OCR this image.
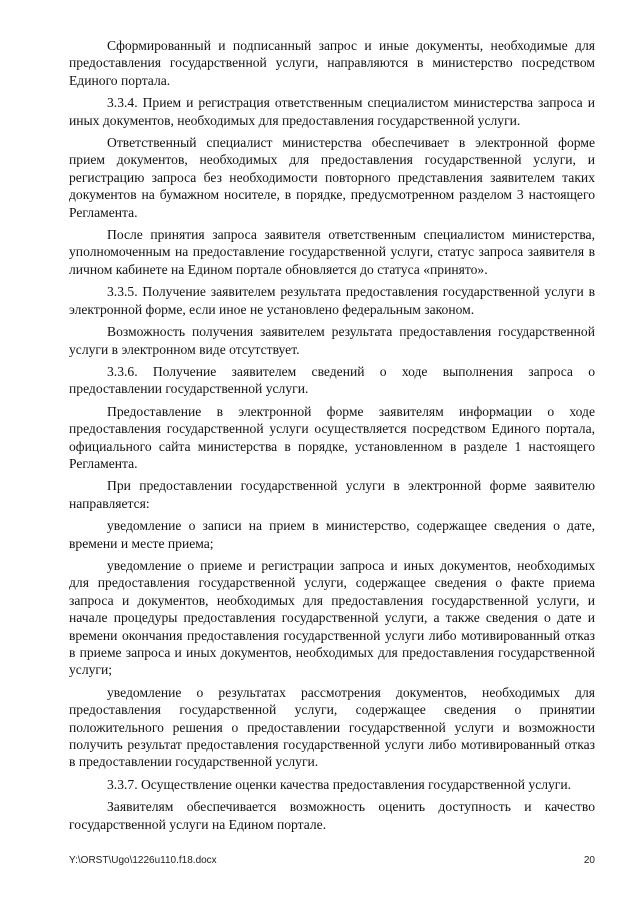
Сформированный и подписанный запрос и иные документы, необходимые для предоставления государственной услуги, направляются в министерство посредством Единого портала.

3.3.4. Прием и регистрация ответственным специалистом министерства запроса и иных документов, необходимых для предоставления государственной услуги.

Ответственный специалист министерства обеспечивает в электронной форме прием документов, необходимых для предоставления государственной услуги, и регистрацию запроса без необходимости повторного представления заявителем таких документов на бумажном носителе, в порядке, предусмотренном разделом 3 настоящего Регламента.

После принятия запроса заявителя ответственным специалистом министерства, уполномоченным на предоставление государственной услуги, статус запроса заявителя в личном кабинете на Едином портале обновляется до статуса «принято».

3.3.5. Получение заявителем результата предоставления государственной услуги в электронной форме, если иное не установлено федеральным законом.

Возможность получения заявителем результата предоставления государственной услуги в электронном виде отсутствует.

3.3.6. Получение заявителем сведений о ходе выполнения запроса о предоставлении государственной услуги.

Предоставление в электронной форме заявителям информации о ходе предоставления государственной услуги осуществляется посредством Единого портала, официального сайта министерства в порядке, установленном в разделе 1 настоящего Регламента.

При предоставлении государственной услуги в электронной форме заявителю направляется:

уведомление о записи на прием в министерство, содержащее сведения о дате, времени и месте приема;

уведомление о приеме и регистрации запроса и иных документов, необходимых для предоставления государственной услуги, содержащее сведения о факте приема запроса и документов, необходимых для предоставления государственной услуги, и начале процедуры предоставления государственной услуги, а также сведения о дате и времени окончания предоставления государственной услуги либо мотивированный отказ в приеме запроса и иных документов, необходимых для предоставления государственной услуги;

уведомление о результатах рассмотрения документов, необходимых для предоставления государственной услуги, содержащее сведения о принятии положительного решения о предоставлении государственной услуги и возможности получить результат предоставления государственной услуги либо мотивированный отказ в предоставлении государственной услуги.

3.3.7. Осуществление оценки качества предоставления государственной услуги.

Заявителям обеспечивается возможность оценить доступность и качество государственной услуги на Едином портале.

Y:\ORST\Ugo\1226u110.f18.docx	20
